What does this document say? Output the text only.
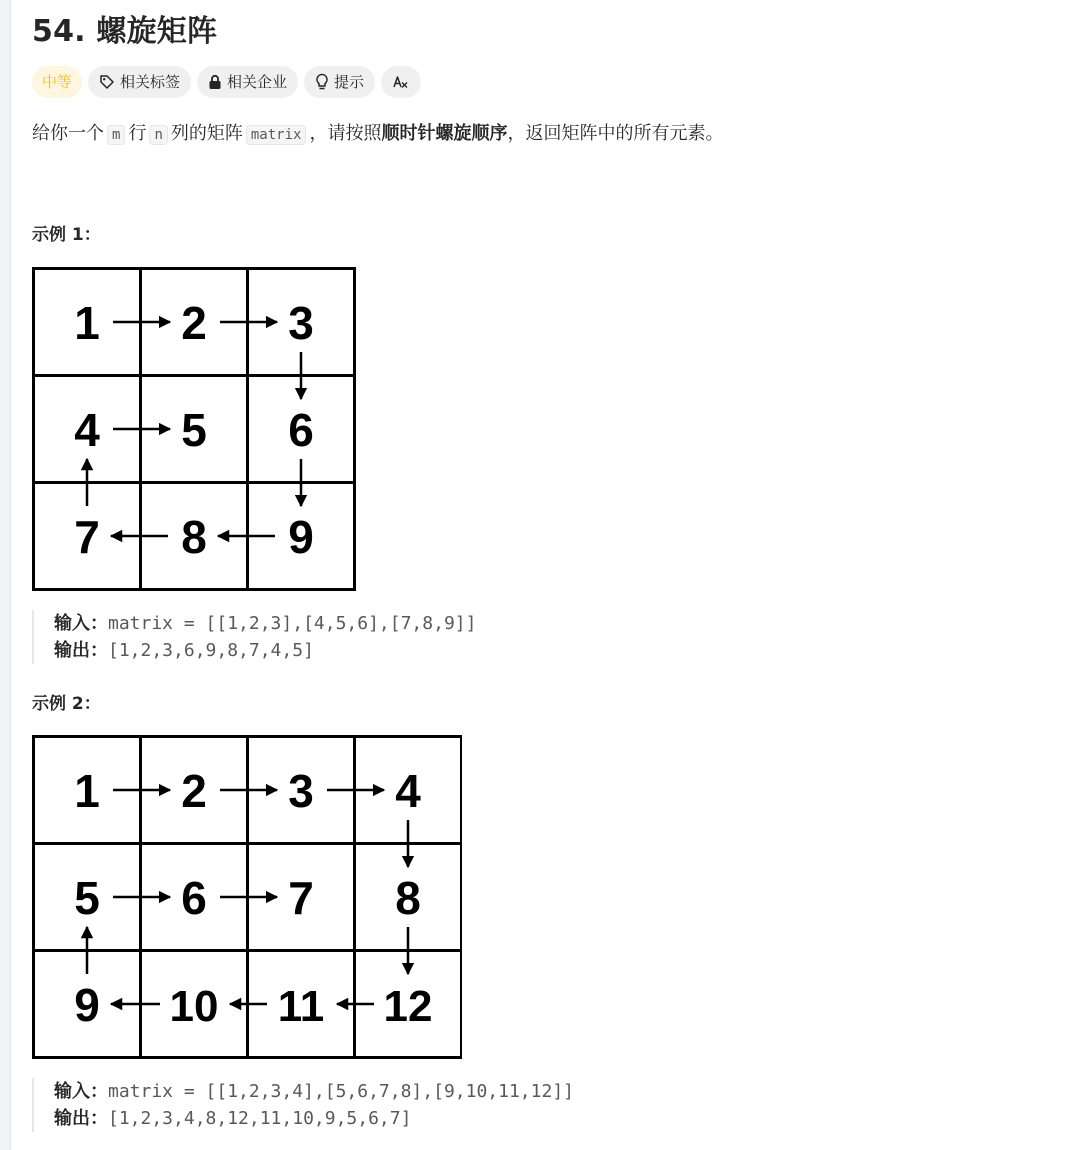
54. 螺旋矩阵
中等	相关标签	相关企业	提示
给你一个 m 行 n 列的矩阵 matrix ，请按照顺时针螺旋顺序，返回矩阵中的所有元素。
示例 1：
1 2 3
4 5 6
7 8 9
输入：matrix = [[1,2,3],[4,5,6],[7,8,9]]
输出：[1,2,3,6,9,8,7,4,5]
示例 2：
1 2 3 4
5 6 7 8
9 10 11 12
输入：matrix = [[1,2,3,4],[5,6,7,8],[9,10,11,12]]
输出：[1,2,3,4,8,12,11,10,9,5,6,7]
